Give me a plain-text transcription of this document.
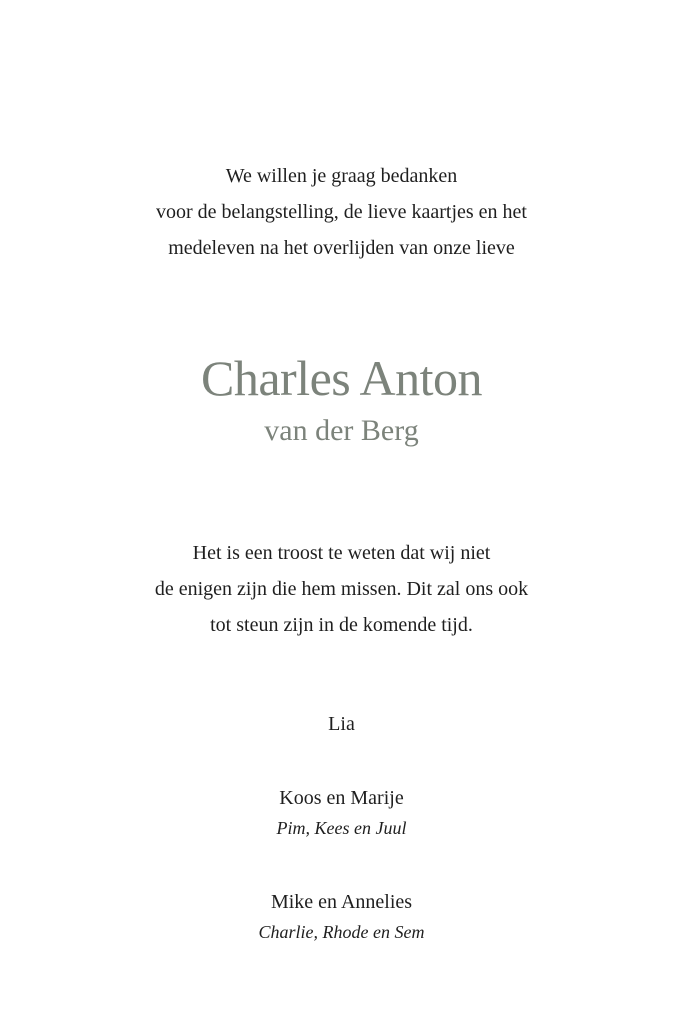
We willen je graag bedanken
voor de belangstelling, de lieve kaartjes en het
medeleven na het overlijden van onze lieve
Charles Anton
van der Berg
Het is een troost te weten dat wij niet
de enigen zijn die hem missen. Dit zal ons ook
tot steun zijn in de komende tijd.
Lia
Koos en Marije
Pim, Kees en Juul
Mike en Annelies
Charlie, Rhode en Sem
